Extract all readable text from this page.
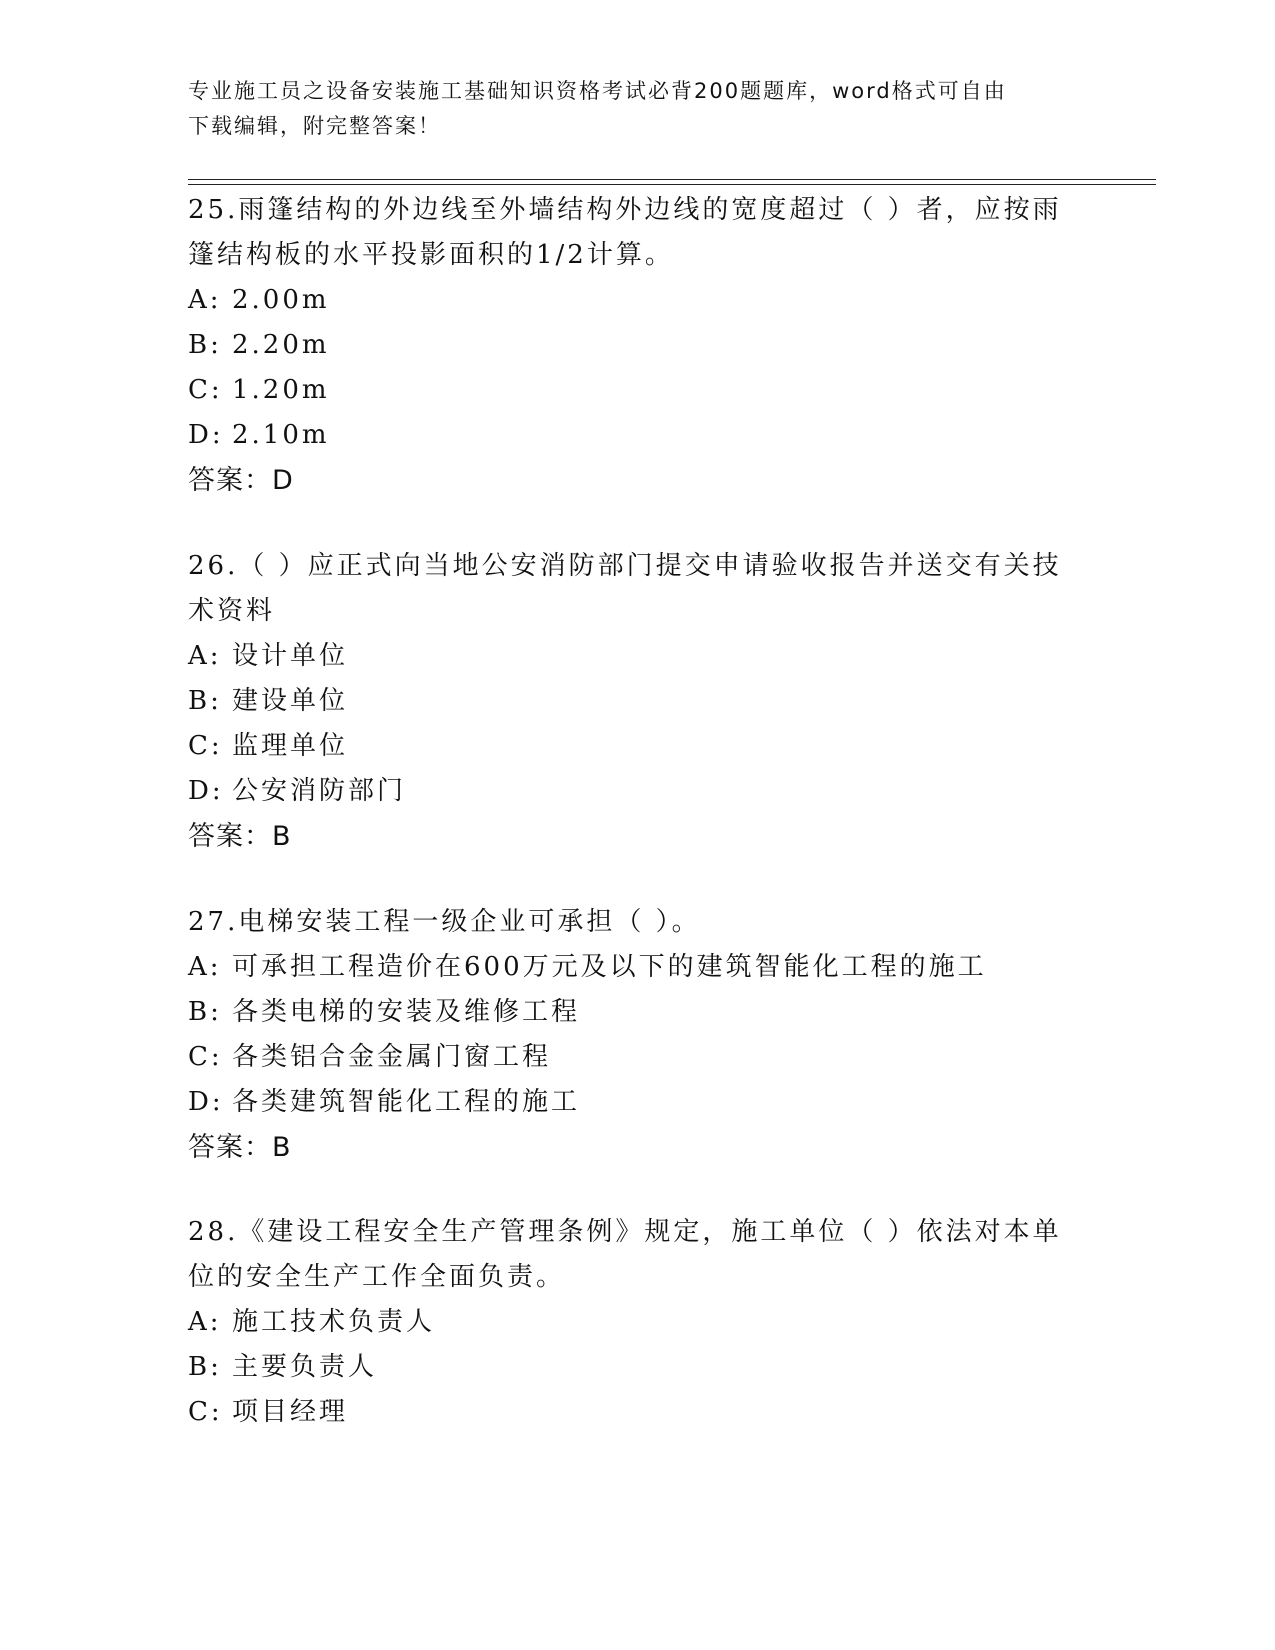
专业施工员之设备安装施工基础知识资格考试必背200题题库，word格式可自由
下载编辑，附完整答案！
25.雨篷结构的外边线至外墙结构外边线的宽度超过（ ）者，应按雨
篷结构板的水平投影面积的1/2计算。
A: 2.00m
B: 2.20m
C: 1.20m
D: 2.10m
答案：D
26.（ ）应正式向当地公安消防部门提交申请验收报告并送交有关技
术资料
A: 设计单位
B: 建设单位
C: 监理单位
D: 公安消防部门
答案：B
27.电梯安装工程一级企业可承担（ ）。
A: 可承担工程造价在600万元及以下的建筑智能化工程的施工
B: 各类电梯的安装及维修工程
C: 各类铝合金金属门窗工程
D: 各类建筑智能化工程的施工
答案：B
28.《建设工程安全生产管理条例》规定，施工单位（ ）依法对本单
位的安全生产工作全面负责。
A: 施工技术负责人
B: 主要负责人
C: 项目经理
